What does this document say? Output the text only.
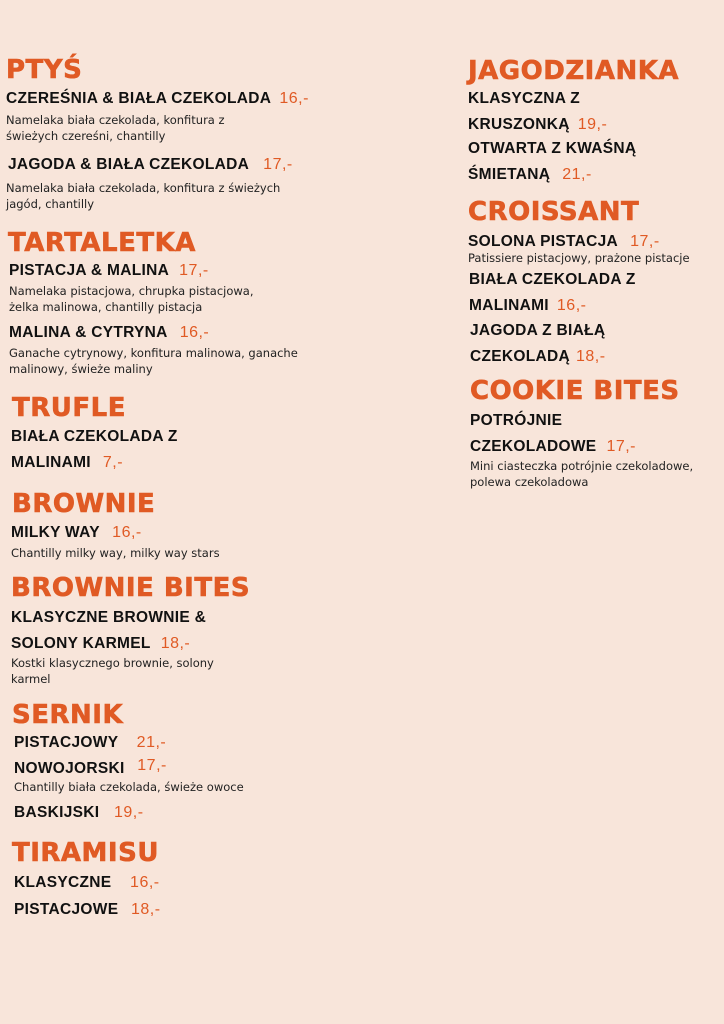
PTYŚ
CZEREŚNIA & BIAŁA CZEKOLADA 16,-
Namelaka biała czekolada, konfitura z
świeżych czereśni, chantilly
JAGODA & BIAŁA CZEKOLADA 17,-
Namelaka biała czekolada, konfitura z świeżych
jagód, chantilly
TARTALETKA
PISTACJA & MALINA 17,-
Namelaka pistacjowa, chrupka pistacjowa,
żelka malinowa, chantilly pistacja
MALINA & CYTRYNA 16,-
Ganache cytrynowy, konfitura malinowa, ganache
malinowy, świeże maliny
TRUFLE
BIAŁA CZEKOLADA Z
MALINAMI 7,-
BROWNIE
MILKY WAY 16,-
Chantilly milky way, milky way stars
BROWNIE BITES
KLASYCZNE BROWNIE &
SOLONY KARMEL 18,-
Kostki klasycznego brownie, solony
karmel
SERNIK
PISTACJOWY 21,-
NOWOJORSKI 17,-
Chantilly biała czekolada, świeże owoce
BASKIJSKI 19,-
TIRAMISU
KLASYCZNE 16,-
PISTACJOWE 18,-
JAGODZIANKA
KLASYCZNA Z
KRUSZONKĄ 19,-
OTWARTA Z KWAŚNĄ
ŚMIETANĄ 21,-
CROISSANT
SOLONA PISTACJA 17,-
Patissiere pistacjowy, prażone pistacje
BIAŁA CZEKOLADA Z
MALINAMI 16,-
JAGODA Z BIAŁĄ
CZEKOLADĄ 18,-
COOKIE BITES
POTRÓJNIE
CZEKOLADOWE 17,-
Mini ciasteczka potrójnie czekoladowe,
polewa czekoladowa
